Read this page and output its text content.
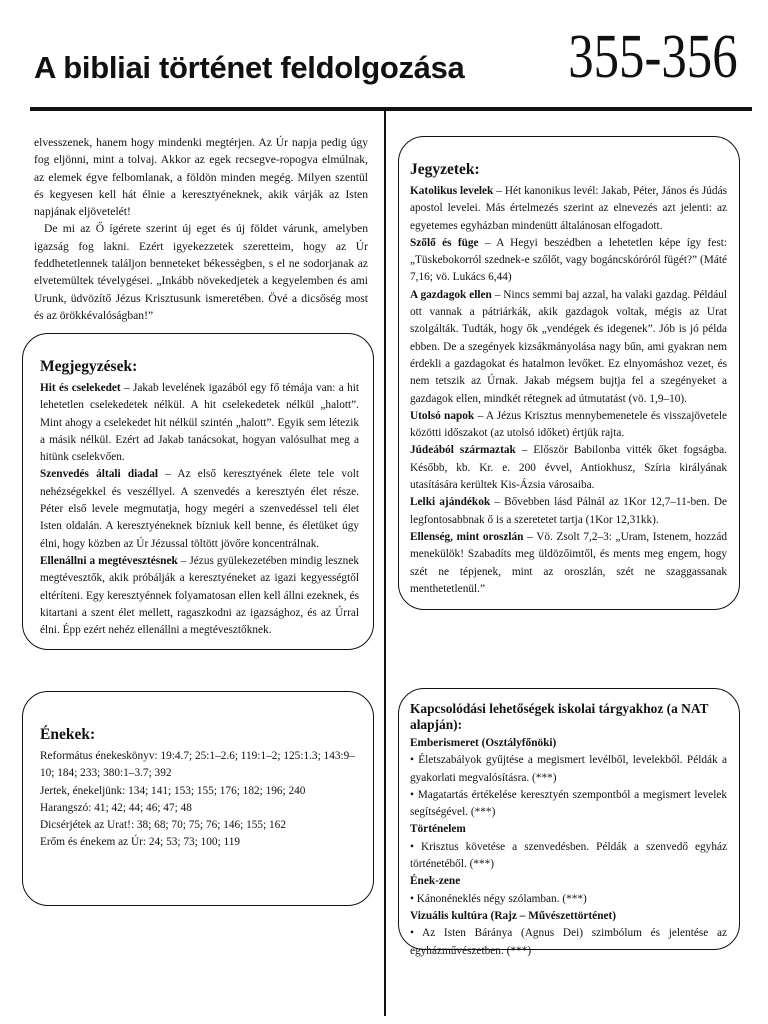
A bibliai történet feldolgozása 355-356

elvesszenek, hanem hogy mindenki megtérjen. Az Úr napja pedig úgy fog eljönni, mint a tolvaj. Akkor az egek recsegve-ropogva elmúlnak, az elemek égve felbomlanak, a földön minden megég. Milyen szentül és kegyesen kell hát élnie a keresztyéneknek, akik várják az Isten napjának eljövetelét!

De mi az Ő ígérete szerint új eget és új földet várunk, amelyben igazság fog lakni. Ezért igyekezzetek szeretteim, hogy az Úr feddhetetlennek találjon benneteket békességben, s el ne sodorjanak az elvetemültek tévelygései. „Inkább növekedjetek a kegyelemben és ami Urunk, üdvözítő Jézus Krisztusunk ismeretében. Övé a dicsőség most és az örökkévalóságban!”

Megjegyzések:

Hit és cselekedet – Jakab levelének igazából egy fő témája van: a hit lehetetlen cselekedetek nélkül. A hit cselekedetek nélkül „halott”. Mint ahogy a cselekedet hit nélkül szintén „halott”. Egyik sem létezik a másik nélkül. Ezért ad Jakab tanácsokat, hogyan valósulhat meg a hitünk cselekvően.

Szenvedés általi diadal – Az első keresztyének élete tele volt nehézségekkel és veszéllyel. A szenvedés a keresztyén élet része. Péter első levele megmutatja, hogy megéri a szenvedéssel teli élet Isten oldalán. A keresztyéneknek bízniuk kell benne, és életüket úgy élni, hogy közben az Úr Jézussal töltött jövőre koncentrálnak.

Ellenállni a megtévesztésnek – Jézus gyülekezetében mindig lesznek megtévesztők, akik próbálják a keresztyéneket az igazi kegyességtől eltéríteni. Egy keresztyénnek folyamatosan ellen kell állni ezeknek, és kitartani a szent élet mellett, ragaszkodni az igazsághoz, és az Úrral élni. Épp ezért nehéz ellenállni a megtévesztőknek.

Énekek:

Református énekeskönyv: 19:4.7; 25:1–2.6; 119:1–2; 125:1.3; 143:9–10; 184; 233; 380:1–3.7; 392

Jertek, énekeljünk: 134; 141; 153; 155; 176; 182; 196; 240

Harangszó: 41; 42; 44; 46; 47; 48

Dicsérjétek az Urat!: 38; 68; 70; 75; 76; 146; 155; 162

Erőm és énekem az Úr: 24; 53; 73; 100; 119

Jegyzetek:

Katolikus levelek – Hét kanonikus levél: Jakab, Péter, János és Júdás apostol levelei. Más értelmezés szerint az elnevezés azt jelenti: az egyetemes egyházban mindenütt általánosan elfogadott.

Szőlő és füge – A Hegyi beszédben a lehetetlen képe így fest: „Tüskebokorról szednek-e szőlőt, vagy bogáncskóróról fügét?” (Máté 7,16; vö. Lukács 6,44)

A gazdagok ellen – Nincs semmi baj azzal, ha valaki gazdag. Például ott vannak a pátriárkák, akik gazdagok voltak, mégis az Urat szolgálták. Tudták, hogy ők „vendégek és idegenek”. Jób is jó példa ebben. De a szegények kizsákmányolása nagy bűn, ami gyakran nem érdekli a gazdagokat és hatalmon levőket. Ez elnyomáshoz vezet, és nem tetszik az Úrnak. Jakab mégsem bujtja fel a szegényeket a gazdagok ellen, mindkét rétegnek ad útmutatást (vö. 1,9–10).

Utolsó napok – A Jézus Krisztus mennybemenetele és visszajövetele közötti időszakot (az utolsó időket) értjük rajta.

Júdeából származtak – Először Babilonba vitték őket fogságba. Később, kb. Kr. e. 200 évvel, Antiokhusz, Szíria királyának utasítására kerültek Kis-Ázsia városaiba.

Lelki ajándékok – Bővebben lásd Pálnál az 1Kor 12,7–11-ben. De legfontosabbnak ő is a szeretetet tartja (1Kor 12,31kk).

Ellenség, mint oroszlán – Vö. Zsolt 7,2–3: „Uram, Istenem, hozzád menekülök! Szabadíts meg üldözőimtől, és ments meg engem, hogy szét ne tépjenek, mint az oroszlán, szét ne szaggassanak menthetetlenül.”

Kapcsolódási lehetőségek iskolai tárgyakhoz (a NAT alapján):

Emberismeret (Osztályfőnöki)

• Életszabályok gyűjtése a megismert levélből, levelekből. Példák a gyakorlati megvalósításra. (***)

• Magatartás értékelése keresztyén szempontból a megismert levelek segítségével. (***)

Történelem

• Krisztus követése a szenvedésben. Példák a szenvedő egyház történetéből. (***)

Ének-zene

• Kánonéneklés négy szólamban. (***)

Vizuális kultúra (Rajz – Művészettörténet)

• Az Isten Báránya (Agnus Dei) szimbólum és jelentése az egyházművészetben. (***)
